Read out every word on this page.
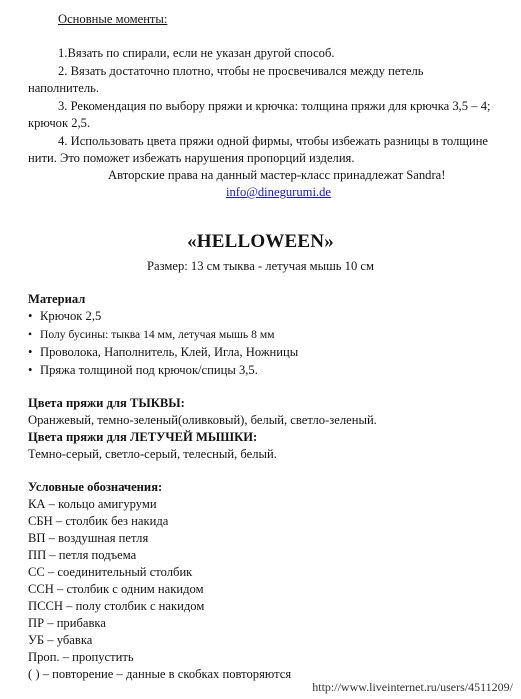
Основные моменты:
1.Вязать по спирали, если не указан другой способ.
2. Вязать достаточно плотно, чтобы не просвечивался между петель
наполнитель.
3. Рекомендация по выбору пряжи и крючка: толщина пряжи для крючка 3,5 – 4;
крючок 2,5.
4. Использовать цвета пряжи одной фирмы, чтобы избежать разницы в толщине
нити. Это поможет избежать нарушения пропорций изделия.
Авторские права на данный мастер-класс принадлежат Sandra!
info@dinegurumi.de
«HELLOWEEN»
Размер: 13 см тыква - летучая мышь 10 см
Материал
• Крючок 2,5
• Полу бусины: тыква 14 мм, летучая мышь 8 мм
• Проволока, Наполнитель, Клей, Игла, Ножницы
• Пряжа толщиной под крючок/спицы 3,5.
Цвета пряжи для ТЫКВЫ:
Оранжевый, темно-зеленый(оливковый), белый, светло-зеленый.
Цвета пряжи для ЛЕТУЧЕЙ МЫШКИ:
Темно-серый, светло-серый, телесный, белый.
Условные обозначения:
КА – кольцо амигуруми
СБН – столбик без накида
ВП – воздушная петля
ПП – петля подъема
СС – соединительный столбик
ССН – столбик с одним накидом
ПССН – полу столбик с накидом
ПР – прибавка
УБ – убавка
Проп. – пропустить
( ) – повторение – данные в скобках повторяются
http://www.liveinternet.ru/users/4511209/
